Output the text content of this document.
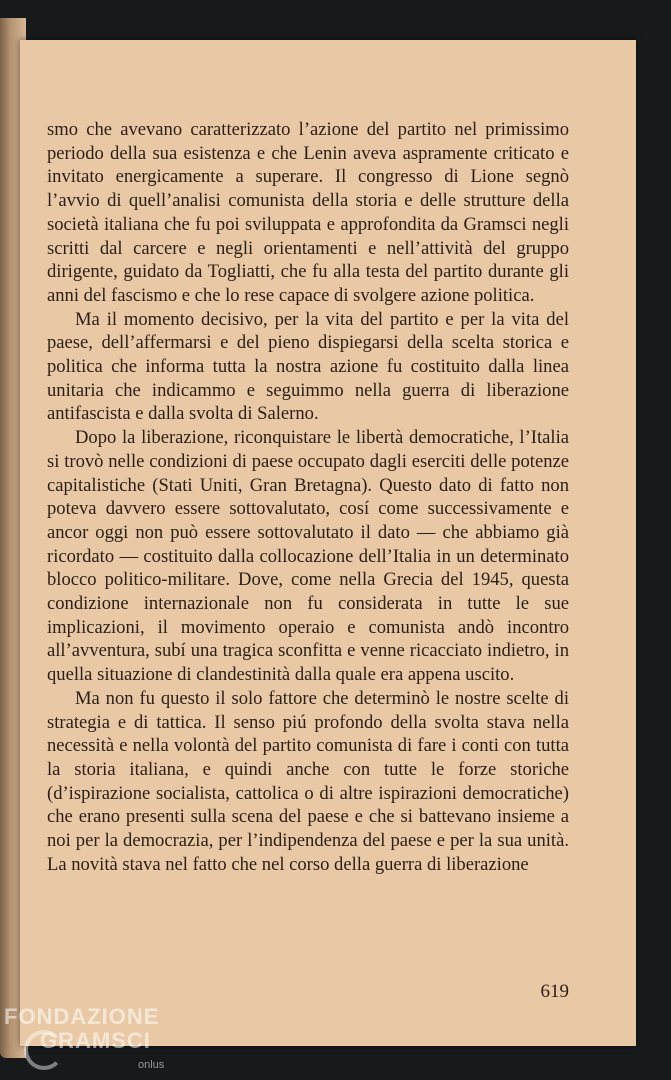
smo che avevano caratterizzato l’azione del partito nel primissimo periodo della sua esistenza e che Lenin aveva aspramente criticato e invitato energicamente a superare. Il congresso di Lione segnò l’avvio di quell’analisi comunista della storia e delle strutture della società italiana che fu poi sviluppata e approfondita da Gramsci negli scritti dal carcere e negli orientamenti e nell’attività del gruppo dirigente, guidato da Togliatti, che fu alla testa del partito durante gli anni del fascismo e che lo rese capace di svolgere azione politica.

Ma il momento decisivo, per la vita del partito e per la vita del paese, dell’affermarsi e del pieno dispiegarsi della scelta storica e politica che informa tutta la nostra azione fu costituito dalla linea unitaria che indicammo e seguimmo nella guerra di liberazione antifascista e dalla svolta di Salerno.

Dopo la liberazione, riconquistare le libertà democratiche, l’Italia si trovò nelle condizioni di paese occupato dagli eserciti delle potenze capitalistiche (Stati Uniti, Gran Bretagna). Questo dato di fatto non poteva davvero essere sottovalutato, cosí come successivamente e ancor oggi non può essere sottovalutato il dato — che abbiamo già ricordato — costituito dalla collocazione dell’Italia in un determinato blocco politico-militare. Dove, come nella Grecia del 1945, questa condizione internazionale non fu considerata in tutte le sue implicazioni, il movimento operaio e comunista andò incontro all’avventura, subí una tragica sconfitta e venne ricacciato indietro, in quella situazione di clandestinità dalla quale era appena uscito.

Ma non fu questo il solo fattore che determinò le nostre scelte di strategia e di tattica. Il senso piú profondo della svolta stava nella necessità e nella volontà del partito comunista di fare i conti con tutta la storia italiana, e quindi anche con tutte le forze storiche (d’ispirazione socialista, cattolica o di altre ispirazioni democratiche) che erano presenti sulla scena del paese e che si battevano insieme a noi per la democrazia, per l’indipendenza del paese e per la sua unità. La novità stava nel fatto che nel corso della guerra di liberazione

619
FONDAZIONE
GRAMSCI
onlus
